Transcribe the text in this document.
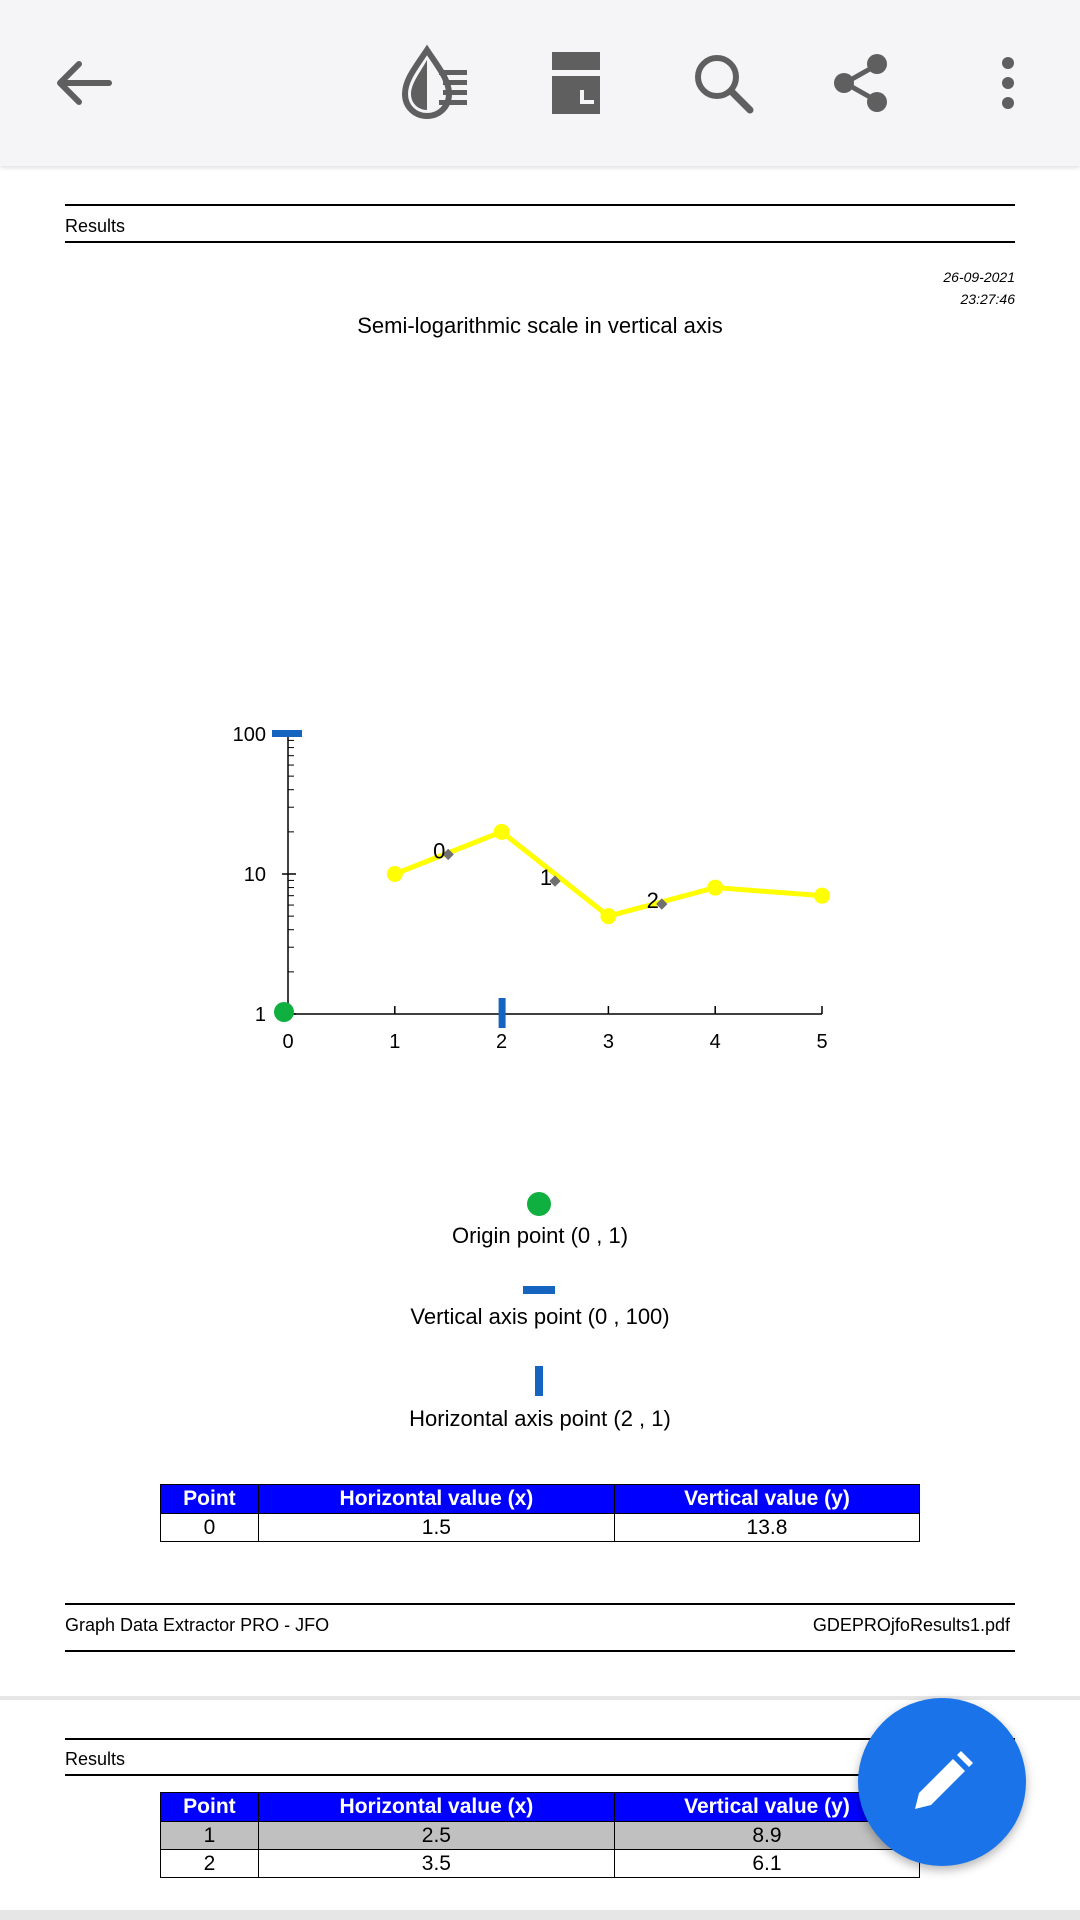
Results
26-09-2021
23:27:46
Semi-logarithmic scale in vertical axis
0	1	2	3	4	5
1
10
100
0
1
2
Origin point (0 , 1)
Vertical axis point (0 , 100)
Horizontal axis point (2 , 1)
Point	Horizontal value (x)	Vertical value (y)
0	1.5	13.8
Graph Data Extractor PRO - JFO	GDEPROjfoResults1.pdf
Results
Point	Horizontal value (x)	Vertical value (y)
1	2.5	8.9
2	3.5	6.1
